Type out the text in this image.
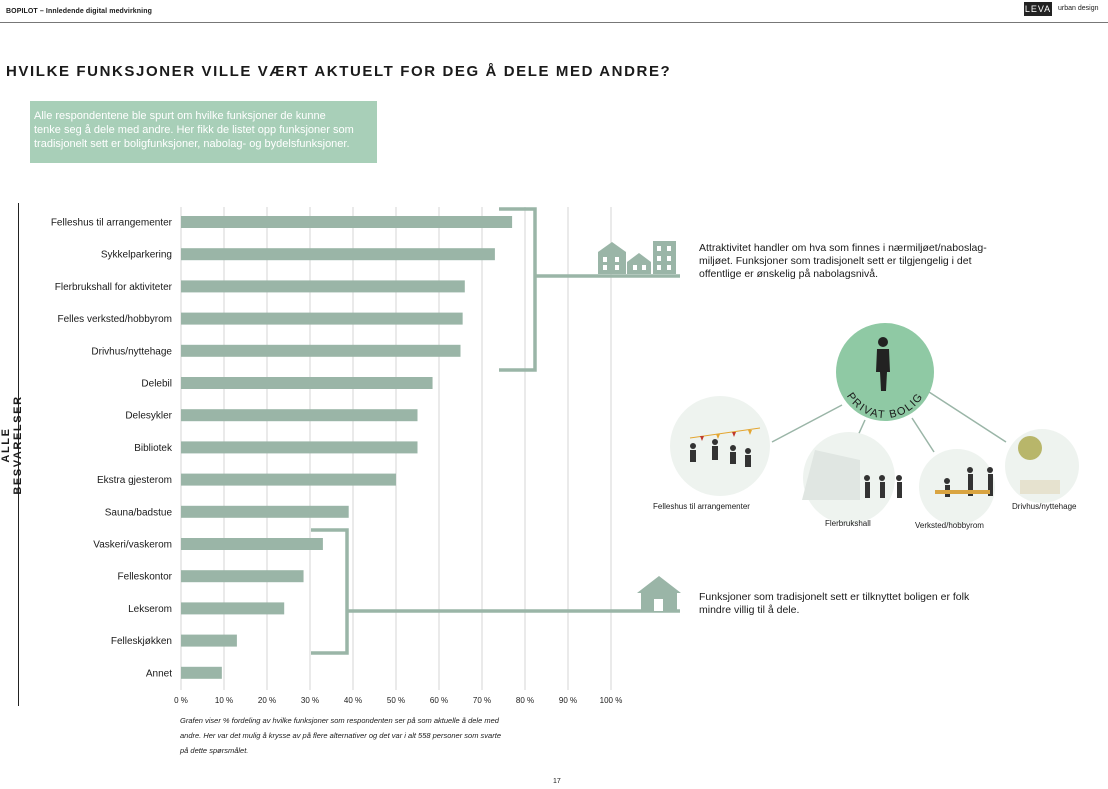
BOPILOT – Innledende digital medvirkning	LEVA urban design
HVILKE FUNKSJONER VILLE VÆRT AKTUELT FOR DEG Å DELE MED ANDRE?
Alle respondentene ble spurt om hvilke funksjoner de kunne
tenke seg å dele med andre. Her fikk de listet opp funksjoner som
tradisjonelt sett er boligfunksjoner, nabolag- og bydelsfunksjoner.
ALLE BESVARELSER
Felleshus til arrangementer
Sykkelparkering
Flerbrukshall for aktiviteter
Felles verksted/hobbyrom
Drivhus/nyttehage
Delebil
Delesykler
Bibliotek
Ekstra gjesterom
Sauna/badstue
Vaskeri/vaskerom
Felleskontor
Lekserom
Felleskjøkken
Annet
0 %	10 %	20 %	30 %	40 %	50 %	60 %	70 %	80 %	90 %	100 %
PRIVAT BOLIG
Attraktivitet handler om hva som finnes i nærmiljøet/naboslag-
miljøet. Funksjoner som tradisjonelt sett er tilgjengelig i det
offentlige er ønskelig på nabolagsnivå.
Funksjoner som tradisjonelt sett er tilknyttet boligen er folk
mindre villig til å dele.
Felleshus til arrangementer
Flerbrukshall	Verksted/hobbyrom
Drivhus/nyttehage
Grafen viser % fordeling av hvilke funksjoner som respondenten ser på som aktuelle å dele med
andre. Her var det mulig å krysse av på flere alternativer og det var i alt 558 personer som svarte
på dette spørsmålet.
17
